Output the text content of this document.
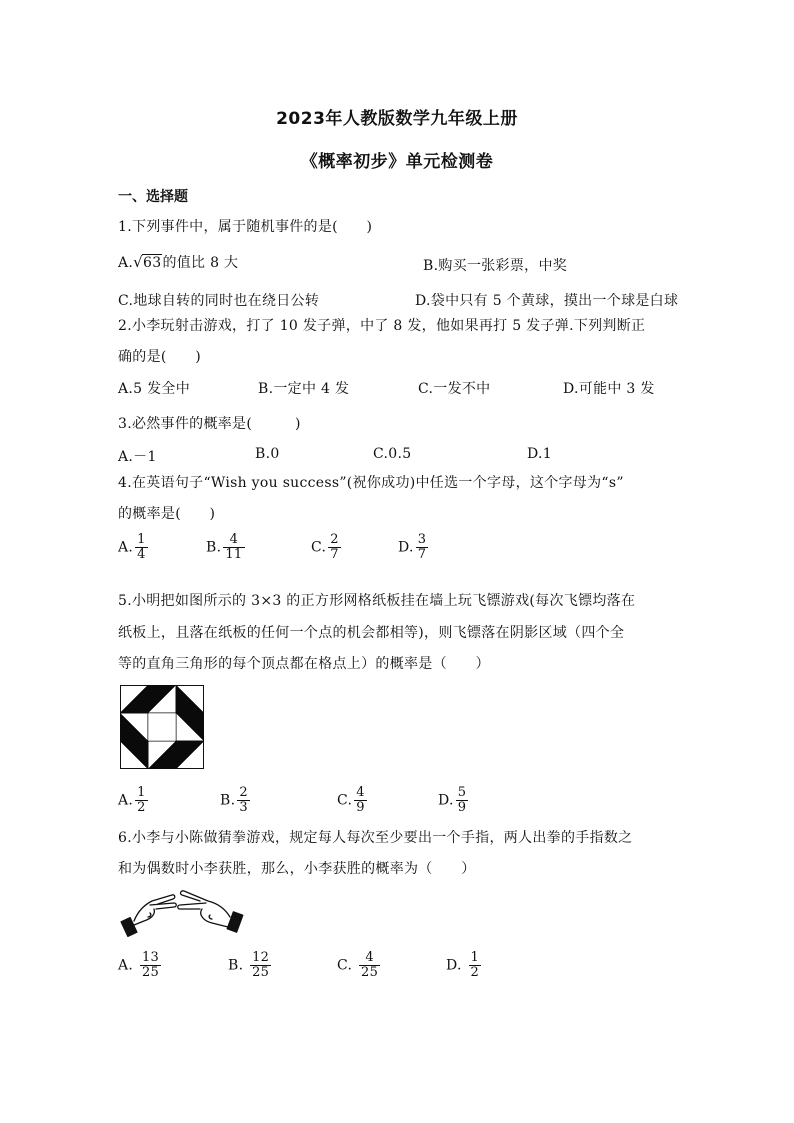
2023年人教版数学九年级上册
《概率初步》单元检测卷
一、选择题
1.下列事件中，属于随机事件的是(　　)
A.√63的值比 8 大	B.购买一张彩票，中奖
C.地球自转的同时也在绕日公转	D.袋中只有 5 个黄球，摸出一个球是白球
2.小李玩射击游戏，打了 10 发子弹，中了 8 发，他如果再打 5 发子弹.下列判断正
确的是(　　)
A.5 发全中	B.一定中 4 发	C.一发不中	D.可能中 3 发
3.必然事件的概率是(　　　)
A.－1	B.0	C.0.5	D.1
4.在英语句子“Wish you success”(祝你成功)中任选一个字母，这个字母为“s”
的概率是(　　)
A. $\frac{1}{4}$	B. $\frac{4}{11}$	C. $\frac{2}{7}$	D. $\frac{3}{7}$
5.小明把如图所示的 3×3 的正方形网格纸板挂在墙上玩飞镖游戏(每次飞镖均落在
纸板上，且落在纸板的任何一个点的机会都相等)，则飞镖落在阴影区域（四个全
等的直角三角形的每个顶点都在格点上）的概率是（　　）
A. $\frac{1}{2}$	B. $\frac{2}{3}$	C. $\frac{4}{9}$	D. $\frac{5}{9}$
6.小李与小陈做猜拳游戏，规定每人每次至少要出一个手指，两人出拳的手指数之
和为偶数时小李获胜，那么，小李获胜的概率为（　　）
A. $\frac{13}{25}$	B. $\frac{12}{25}$	C. $\frac{4}{25}$	D. $\frac{1}{2}$
